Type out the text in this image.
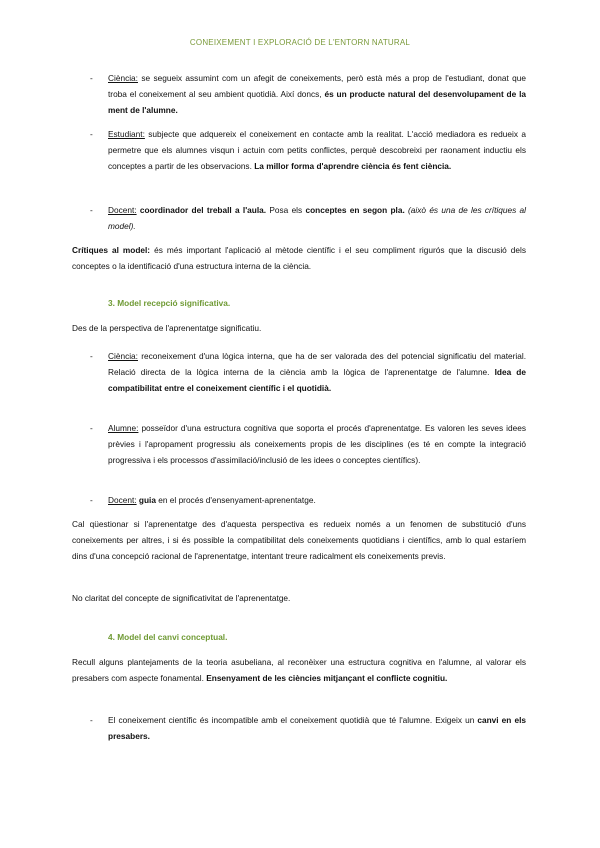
CONEIXEMENT I EXPLORACIÓ DE L'ENTORN NATURAL
- Ciència: se segueix assumint com un afegit de coneixements, però està més a prop de l'estudiant, donat que troba el coneixement al seu ambient quotidià. Així doncs, és un producte natural del desenvolupament de la ment de l'alumne.
- Estudiant: subjecte que adquereix el coneixement en contacte amb la realitat. L'acció mediadora es redueix a permetre que els alumnes visqun i actuin com petits conflictes, perquè descobreixi per raonament inductiu els conceptes a partir de les observacions. La millor forma d'aprendre ciència és fent ciència.
- Docent: coordinador del treball a l'aula. Posa els conceptes en segon pla. (això és una de les crítiques al model).
Crítiques al model: és més important l'aplicació al mètode científic i el seu compliment rigurós que la discusió dels conceptes o la identificació d'una estructura interna de la ciència.
3. Model recepció significativa.
Des de la perspectiva de l'aprenentatge significatiu.
- Ciència: reconeixement d'una lògica interna, que ha de ser valorada des del potencial significatiu del material. Relació directa de la lògica interna de la ciència amb la lògica de l'aprenentatge de l'alumne. Idea de compatibilitat entre el coneixement científic i el quotidià.
- Alumne: posseïdor d'una estructura cognitiva que soporta el procés d'aprenentatge. Es valoren les seves idees prèvies i l'apropament progressiu als coneixements propis de les disciplines (es té en compte la integració progressiva i els processos d'assimilació/inclusió de les idees o conceptes científics).
- Docent: guia en el procés d'ensenyament-aprenentatge.
Cal qüestionar si l'aprenentatge des d'aquesta perspectiva es redueix només a un fenomen de substitució d'uns coneixements per altres, i si és possible la compatibilitat dels coneixements quotidians i científics, amb lo qual estaríem dins d'una concepció racional de l'aprenentatge, intentant treure radicalment els coneixements previs.
No claritat del concepte de significativitat de l'aprenentatge.
4. Model del canvi conceptual.
Recull alguns plantejaments de la teoria asubeliana, al reconèixer una estructura cognitiva en l'alumne, al valorar els presabers com aspecte fonamental. Ensenyament de les ciències mitjançant el conflicte cognitiu.
- El coneixement científic és incompatible amb el coneixement quotidià que té l'alumne. Exigeix un canvi en els presabers.
